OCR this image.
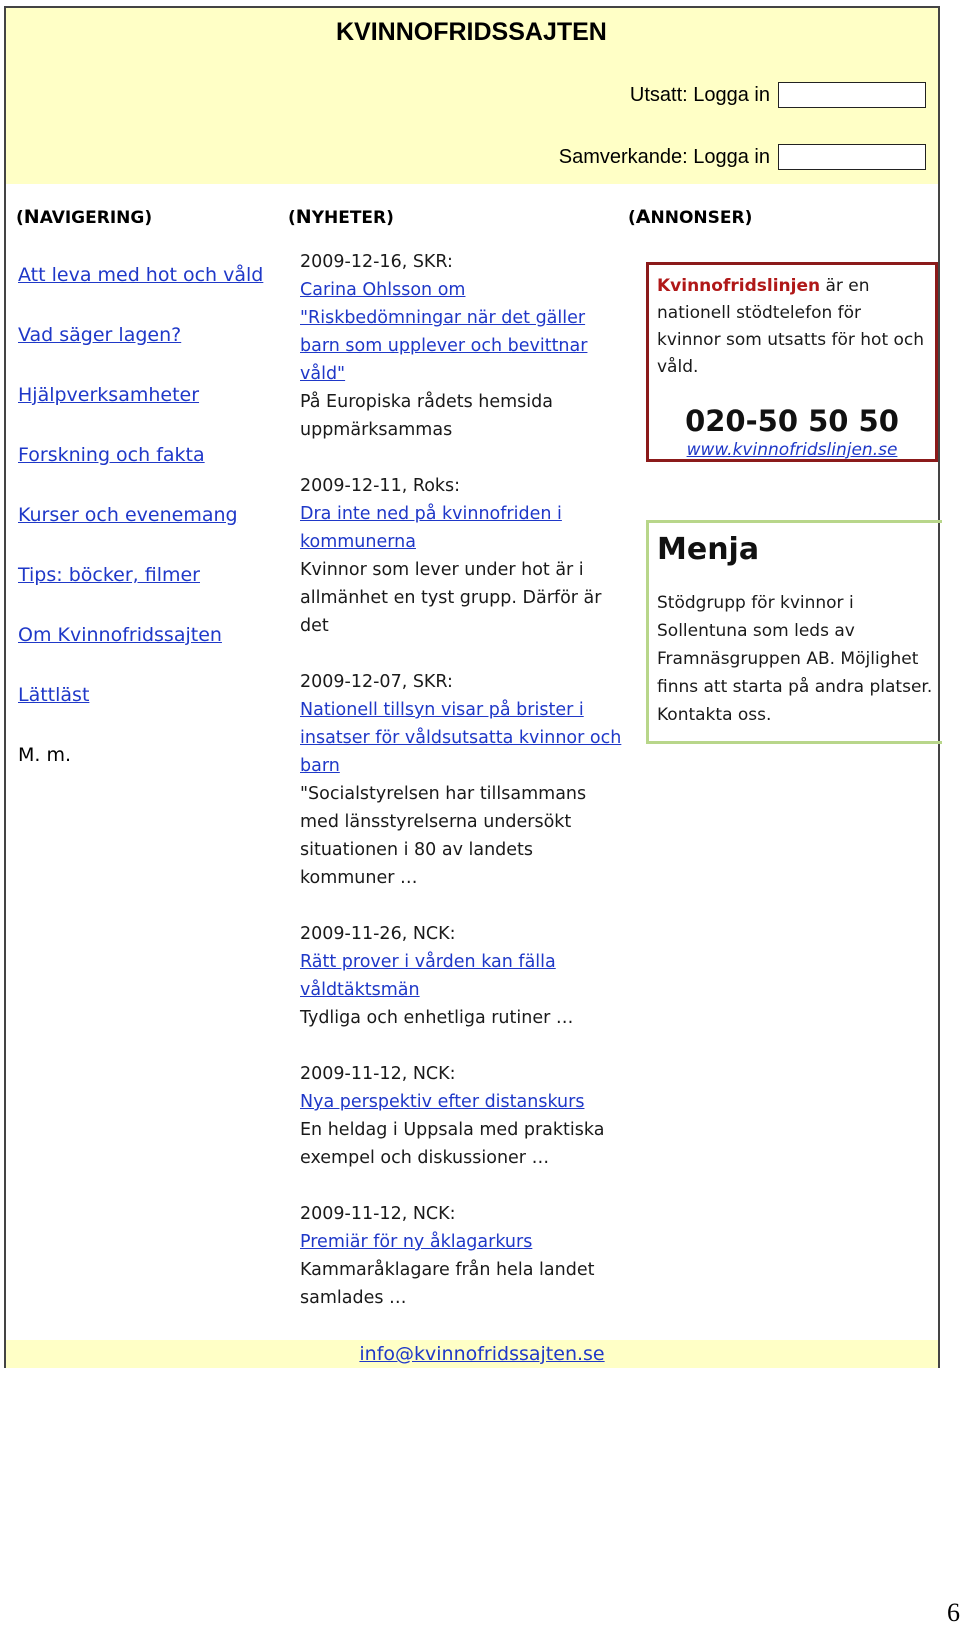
KVINNOFRIDSSAJTEN
Utsatt: Logga in
Samverkande: Logga in
(NAVIGERING)	(NYHETER)	(ANNONSER)
Att leva med hot och våld
Vad säger lagen?
Hjälpverksamheter
Forskning och fakta
Kurser och evenemang
Tips: böcker, filmer
Om Kvinnofridssajten
Lättläst
M. m.
2009-12-16, SKR:
Carina Ohlsson om "Riskbedömningar när det gäller barn som upplever och bevittnar våld"
På Europiska rådets hemsida uppmärksammas
2009-12-11, Roks:
Dra inte ned på kvinnofriden i kommunerna
Kvinnor som lever under hot är i allmänhet en tyst grupp. Därför är det
2009-12-07, SKR:
Nationell tillsyn visar på brister i insatser för våldsutsatta kvinnor och barn
"Socialstyrelsen har tillsammans med länsstyrelserna undersökt situationen i 80 av landets kommuner …
2009-11-26, NCK:
Rätt prover i vården kan fälla våldtäktsmän
Tydliga och enhetliga rutiner …
2009-11-12, NCK:
Nya perspektiv efter distanskurs
En heldag i Uppsala med praktiska exempel och diskussioner …
2009-11-12, NCK:
Premiär för ny åklagarkurs
Kammaråklagare från hela landet samlades …
Kvinnofridslinjen är en nationell stödtelefon för kvinnor som utsatts för hot och våld.
020-50 50 50
www.kvinnofridslinjen.se
Menja
Stödgrupp för kvinnor i Sollentuna som leds av Framnäsgruppen AB. Möjlighet finns att starta på andra platser. Kontakta oss.
info@kvinnofridssajten.se
6
